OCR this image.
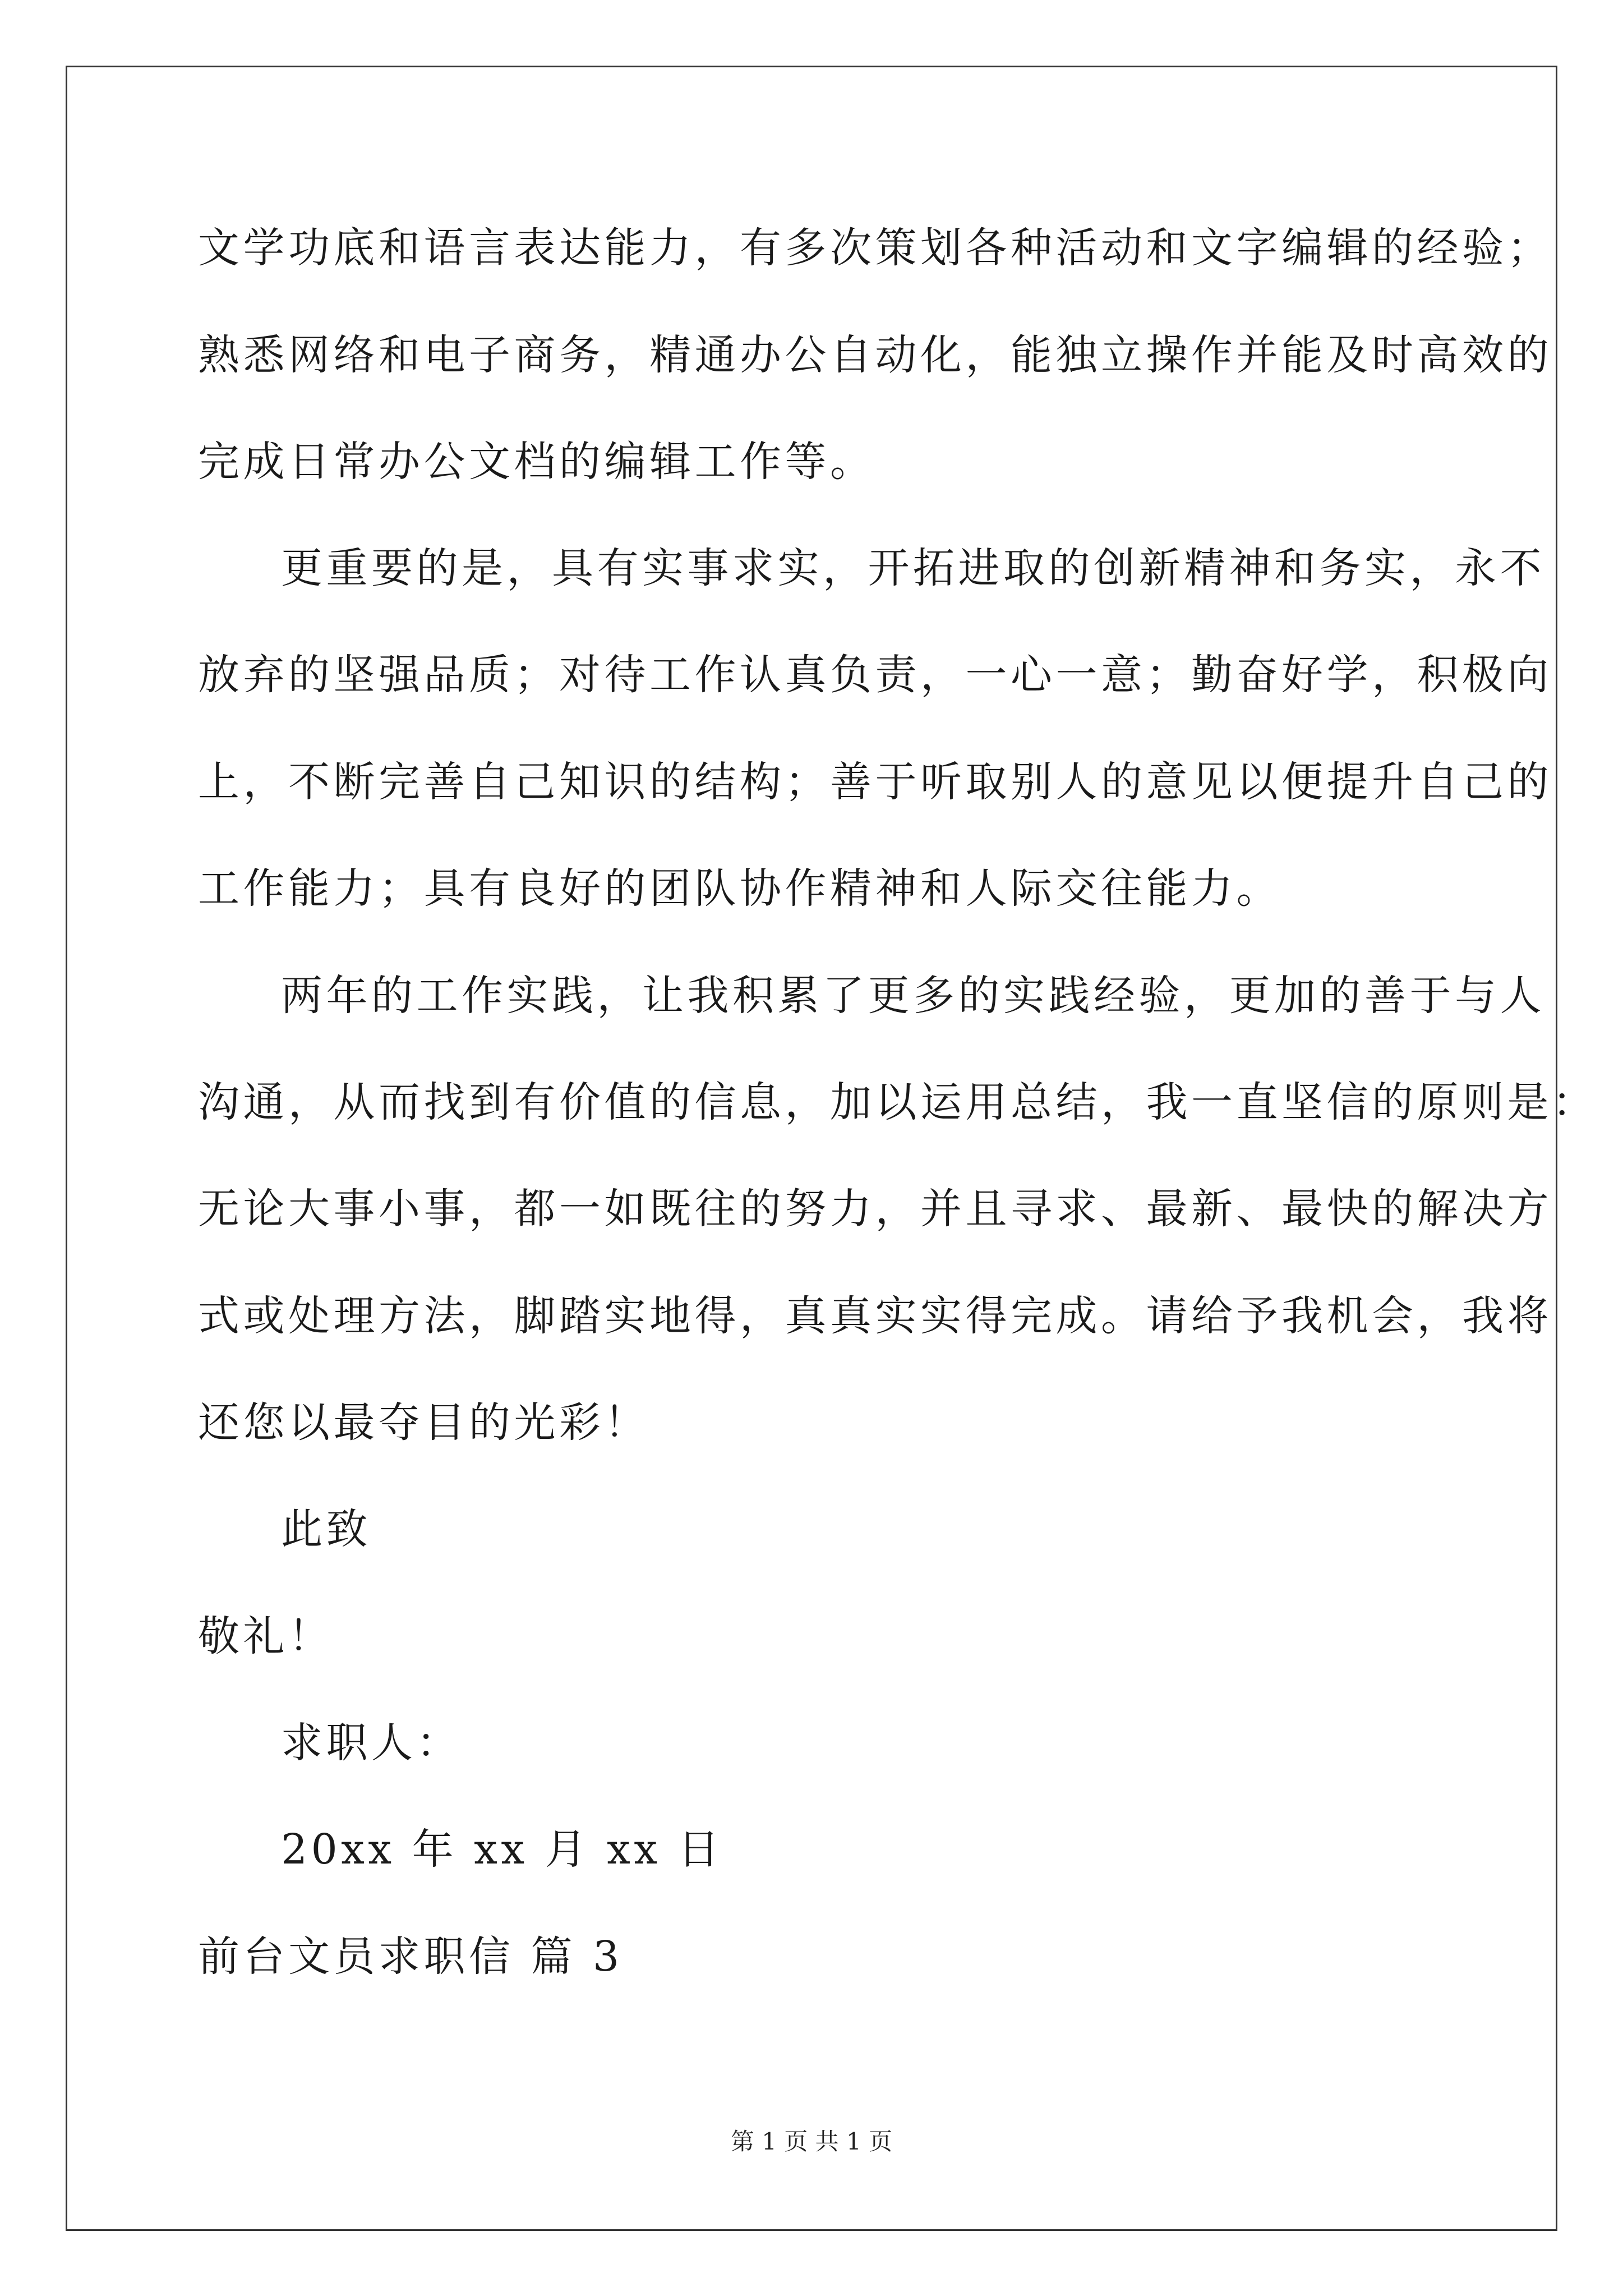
文学功底和语言表达能力，有多次策划各种活动和文字编辑的经验；
熟悉网络和电子商务，精通办公自动化，能独立操作并能及时高效的
完成日常办公文档的编辑工作等。
更重要的是，具有实事求实，开拓进取的创新精神和务实，永不
放弃的坚强品质；对待工作认真负责，一心一意；勤奋好学，积极向
上，不断完善自己知识的结构；善于听取别人的意见以便提升自己的
工作能力；具有良好的团队协作精神和人际交往能力。
两年的工作实践，让我积累了更多的实践经验，更加的善于与人
沟通，从而找到有价值的信息，加以运用总结，我一直坚信的原则是：
无论大事小事，都一如既往的努力，并且寻求、最新、最快的解决方
式或处理方法，脚踏实地得，真真实实得完成。请给予我机会，我将
还您以最夺目的光彩！
此致
敬礼！
求职人：
20xx 年 xx 月 xx 日
前台文员求职信 篇 3
第 1 页 共 1 页
